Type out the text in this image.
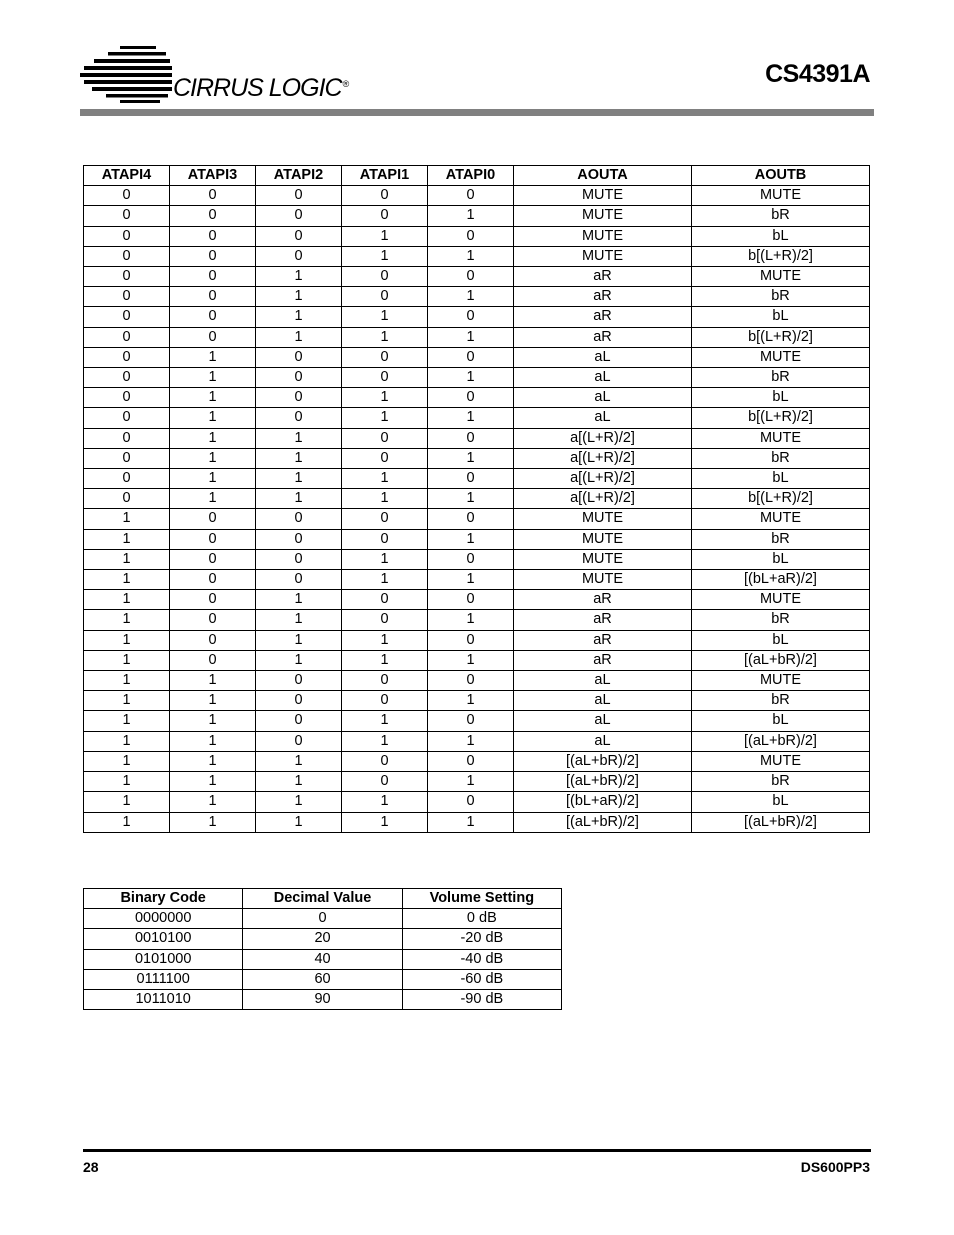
CIRRUS LOGIC®	CS4391A
ATAPI4	ATAPI3	ATAPI2	ATAPI1	ATAPI0	AOUTA	AOUTB
0	0	0	0	0	MUTE	MUTE
0	0	0	0	1	MUTE	bR
0	0	0	1	0	MUTE	bL
0	0	0	1	1	MUTE	b[(L+R)/2]
0	0	1	0	0	aR	MUTE
0	0	1	0	1	aR	bR
0	0	1	1	0	aR	bL
0	0	1	1	1	aR	b[(L+R)/2]
0	1	0	0	0	aL	MUTE
0	1	0	0	1	aL	bR
0	1	0	1	0	aL	bL
0	1	0	1	1	aL	b[(L+R)/2]
0	1	1	0	0	a[(L+R)/2]	MUTE
0	1	1	0	1	a[(L+R)/2]	bR
0	1	1	1	0	a[(L+R)/2]	bL
0	1	1	1	1	a[(L+R)/2]	b[(L+R)/2]
1	0	0	0	0	MUTE	MUTE
1	0	0	0	1	MUTE	bR
1	0	0	1	0	MUTE	bL
1	0	0	1	1	MUTE	[(bL+aR)/2]
1	0	1	0	0	aR	MUTE
1	0	1	0	1	aR	bR
1	0	1	1	0	aR	bL
1	0	1	1	1	aR	[(aL+bR)/2]
1	1	0	0	0	aL	MUTE
1	1	0	0	1	aL	bR
1	1	0	1	0	aL	bL
1	1	0	1	1	aL	[(aL+bR)/2]
1	1	1	0	0	[(aL+bR)/2]	MUTE
1	1	1	0	1	[(aL+bR)/2]	bR
1	1	1	1	0	[(bL+aR)/2]	bL
1	1	1	1	1	[(aL+bR)/2]	[(aL+bR)/2]
Binary Code	Decimal Value	Volume Setting
0000000	0	0 dB
0010100	20	-20 dB
0101000	40	-40 dB
0111100	60	-60 dB
1011010	90	-90 dB
28	DS600PP3
